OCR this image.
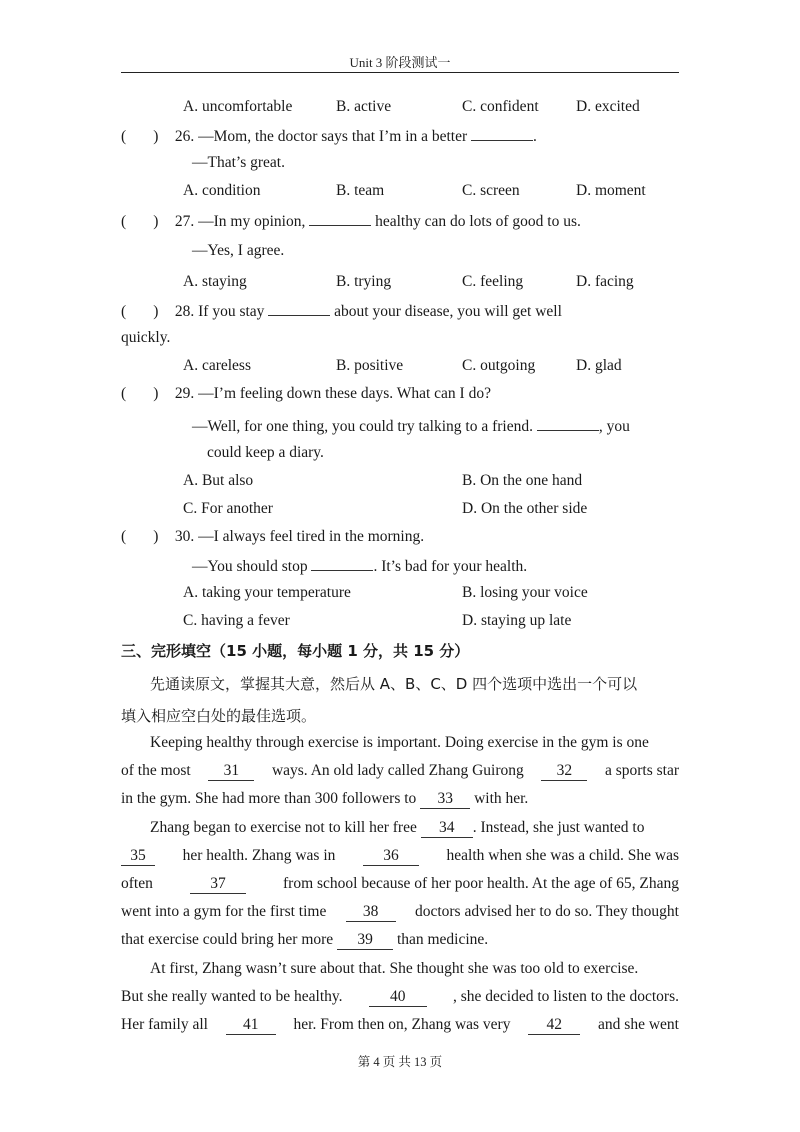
Unit 3 阶段测试一
A. uncomfortable	B. active	C. confident D. excited
(       ) 26. —Mom, the doctor says that I’m in a better	.
—That’s great.
A. condition	B. team	C. screen	D. moment
(       ) 27. —In my opinion,	healthy can do lots of good to us.
—Yes, I agree.
A. staying	B. trying	C. feeling	D. facing
(       ) 28. If you stay	about your disease, you will get well
quickly.
A. careless	B. positive	C. outgoing	D. glad
(       ) 29. —I’m feeling down these days. What can I do?
—Well, for one thing, you could try talking to a friend.	, you
could keep a diary.
A. But also	B. On the one hand
C. For another	D. On the other side
(       ) 30. —I always feel tired in the morning.
—You should stop	. It’s bad for your health.
A. taking your temperature	B. losing your voice
C. having a fever	D. staying up late
三、完形填空（15 小题，每小题 1 分，共 15 分）
先通读原文，掌握其大意，然后从 A、B、C、D 四个选项中选出一个可以
填入相应空白处的最佳选项。
Keeping healthy through exercise is important. Doing exercise in the gym is one
of the most	31	ways. An old lady called Zhang Guirong	32	a sports star
in the gym. She had more than 300 followers to 33 with her.
Zhang began to exercise not to kill her free 34 . Instead, she just wanted to
35	her health. Zhang was in	36	health when she was a child. She was
often	37	from school because of her poor health. At the age of 65, Zhang
went into a gym for the first time	38	doctors advised her to do so. They thought
that exercise could bring her more 39 than medicine.
At first, Zhang wasn’t sure about that. She thought she was too old to exercise.
But she really wanted to be healthy.	40	, she decided to listen to the doctors.
Her family all	41	her. From then on, Zhang was very	42	and she went
第 4 页 共 13 页
